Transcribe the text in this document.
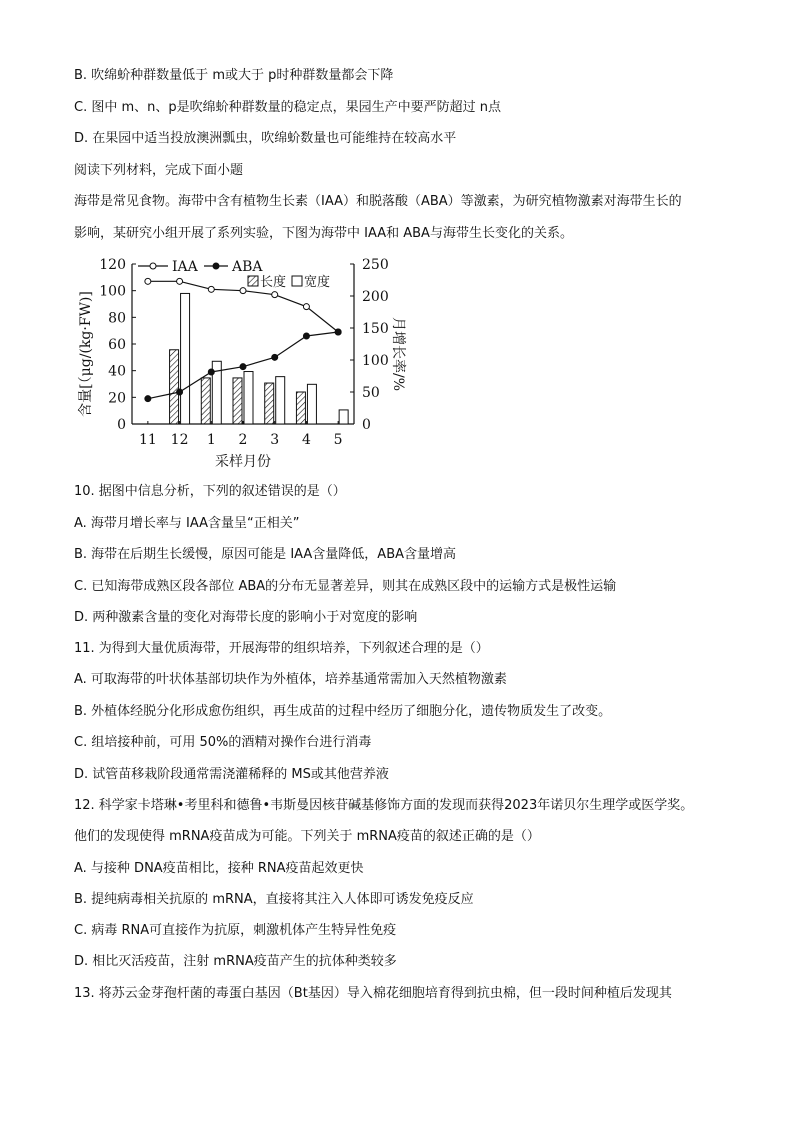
B. 吹绵蚧种群数量低于 m或大于 p时种群数量都会下降
C. 图中 m、n、p是吹绵蚧种群数量的稳定点，果园生产中要严防超过 n点
D. 在果园中适当投放澳洲瓢虫，吹绵蚧数量也可能维持在较高水平
阅读下列材料，完成下面小题
海带是常见食物。海带中含有植物生长素（IAA）和脱落酸（ABA）等激素，为研究植物激素对海带生长的
影响，某研究小组开展了系列实验，下图为海带中 IAA和 ABA与海带生长变化的关系。
0
20
40
60
80
100
120
0
50
100
150
200
250
11 12 1 2 3 4 5
采样月份
含量[（μg/(kg·FW)]	月增长率/%
IAA ABA
长度 宽度
10. 据图中信息分析，下列的叙述错误的是（）
A. 海带月增长率与 IAA含量呈“正相关”
B. 海带在后期生长缓慢，原因可能是 IAA含量降低，ABA含量增高
C. 已知海带成熟区段各部位 ABA的分布无显著差异，则其在成熟区段中的运输方式是极性运输
D. 两种激素含量的变化对海带长度的影响小于对宽度的影响
11. 为得到大量优质海带，开展海带的组织培养，下列叙述合理的是（）
A. 可取海带的叶状体基部切块作为外植体，培养基通常需加入天然植物激素
B. 外植体经脱分化形成愈伤组织，再生成苗的过程中经历了细胞分化，遗传物质发生了改变。
C. 组培接种前，可用 50%的酒精对操作台进行消毒
D. 试管苗移栽阶段通常需浇灌稀释的 MS或其他营养液
12. 科学家卡塔琳•考里科和德鲁•韦斯曼因核苷碱基修饰方面的发现而获得2023年诺贝尔生理学或医学奖。
他们的发现使得 mRNA疫苗成为可能。下列关于 mRNA疫苗的叙述正确的是（）
A. 与接种 DNA疫苗相比，接种 RNA疫苗起效更快
B. 提纯病毒相关抗原的 mRNA，直接将其注入人体即可诱发免疫反应
C. 病毒 RNA可直接作为抗原，刺激机体产生特异性免疫
D. 相比灭活疫苗，注射 mRNA疫苗产生的抗体种类较多
13. 将苏云金芽孢杆菌的毒蛋白基因（Bt基因）导入棉花细胞培育得到抗虫棉，但一段时间种植后发现其
